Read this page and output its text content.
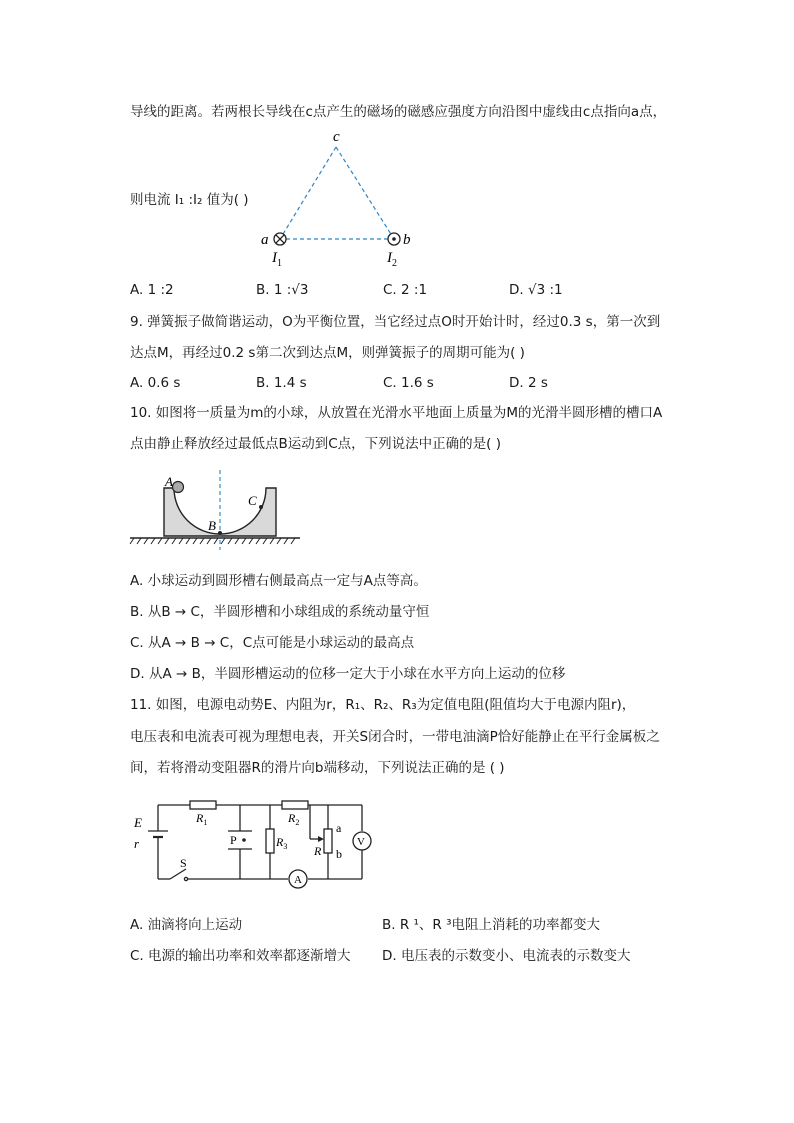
导线的距离。若两根长导线在c点产生的磁场的磁感应强度方向沿图中虚线由c点指向a点，
则电流 I₁ :I₂ 值为( )
c
a	b
$I_1$	$I_2$
A. 1 :2	B. 1 :√3	C. 2 :1	D. √3 :1
9. 弹簧振子做简谐运动，O为平衡位置，当它经过点O时开始计时，经过0.3 s，第一次到
达点M，再经过0.2 s第二次到达点M，则弹簧振子的周期可能为( )
A. 0.6 s	B. 1.4 s	C. 1.6 s	D. 2 s
10. 如图将一质量为m的小球，从放置在光滑水平地面上质量为M的光滑半圆形槽的槽口A
点由静止释放经过最低点B运动到C点，下列说法中正确的是( )
A
B
C
A. 小球运动到圆形槽右侧最高点一定与A点等高。
B. 从B → C，半圆形槽和小球组成的系统动量守恒
C. 从A → B → C，C点可能是小球运动的最高点
D. 从A → B，半圆形槽运动的位移一定大于小球在水平方向上运动的位移
11. 如图，电源电动势E、内阻为r，R₁、R₂、R₃为定值电阻(阻值均大于电源内阻r)，
电压表和电流表可视为理想电表，开关S闭合时，一带电油滴P恰好能静止在平行金属板之
间，若将滑动变阻器R的滑片向b端移动，下列说法正确的是 ( )
E
r
S
P
$R_1$	$R_2$
$R_3$ R
a
b
V
A
A. 油滴将向上运动	B. R ¹、R ³电阻上消耗的功率都变大
C. 电源的输出功率和效率都逐渐增大 D. 电压表的示数变小、电流表的示数变大
